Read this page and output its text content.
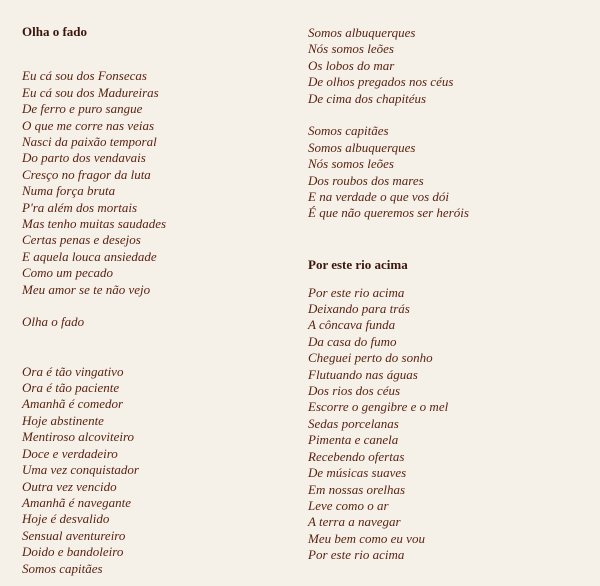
Olha o fado
Eu cá sou dos Fonsecas
Eu cá sou dos Madureiras
De ferro e puro sangue
O que me corre nas veias
Nasci da paixão temporal
Do parto dos vendavais
Cresço no fragor da luta
Numa força bruta
P'ra além dos mortais
Mas tenho muitas saudades
Certas penas e desejos
E aquela louca ansiedade
Como um pecado
Meu amor se te não vejo
Olha o fado
Ora é tão vingativo
Ora é tão paciente
Amanhã é comedor
Hoje abstinente
Mentiroso alcoviteiro
Doce e verdadeiro
Uma vez conquistador
Outra vez vencido
Amanhã é navegante
Hoje é desvalido
Sensual aventureiro
Doido e bandoleiro
Somos capitães
Somos albuquerques
Nós somos leões
Os lobos do mar
De olhos pregados nos céus
De cima dos chapitéus
Somos capitães
Somos albuquerques
Nós somos leões
Dos roubos dos mares
E na verdade o que vos dói
É que não queremos ser heróis
Por este rio acima
Por este rio acima
Deixando para trás
A côncava funda
Da casa do fumo
Cheguei perto do sonho
Flutuando nas águas
Dos rios dos céus
Escorre o gengibre e o mel
Sedas porcelanas
Pimenta e canela
Recebendo ofertas
De músicas suaves
Em nossas orelhas
Leve como o ar
A terra a navegar
Meu bem como eu vou
Por este rio acima
